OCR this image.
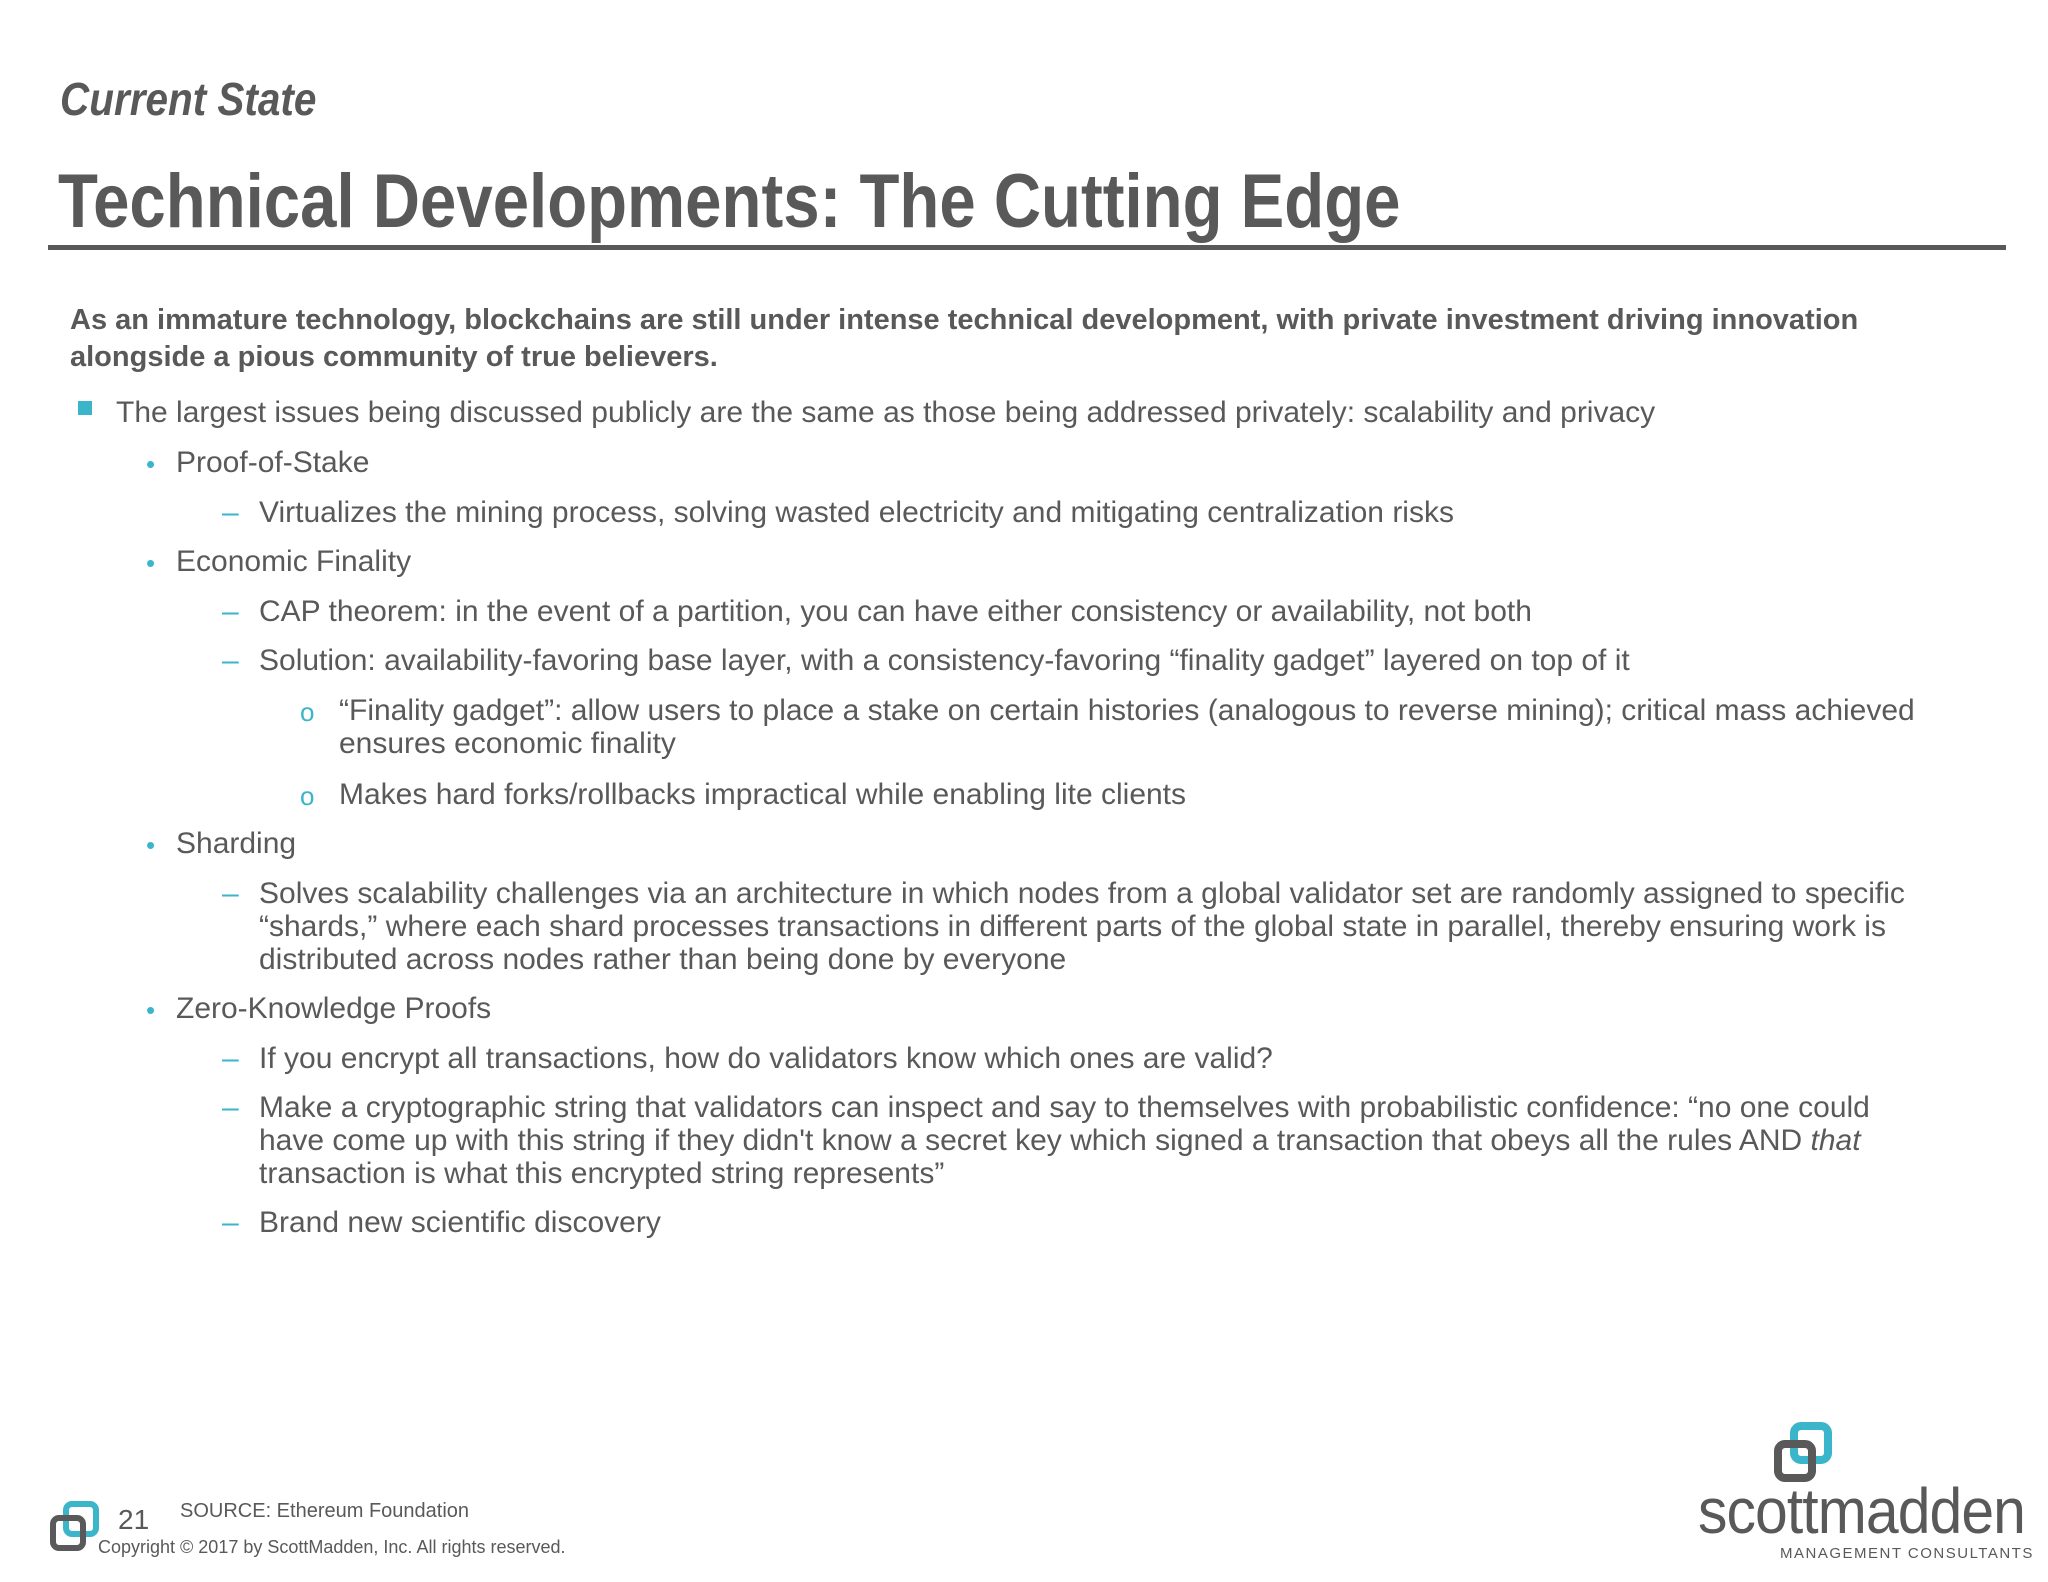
Current State
Technical Developments: The Cutting Edge
As an immature technology, blockchains are still under intense technical development, with private investment driving innovation alongside a pious community of true believers.
The largest issues being discussed publicly are the same as those being addressed privately: scalability and privacy
• Proof-of-Stake
– Virtualizes the mining process, solving wasted electricity and mitigating centralization risks
• Economic Finality
– CAP theorem: in the event of a partition, you can have either consistency or availability, not both
– Solution: availability-favoring base layer, with a consistency-favoring “finality gadget” layered on top of it
o “Finality gadget”: allow users to place a stake on certain histories (analogous to reverse mining); critical mass achieved
ensures economic finality
o Makes hard forks/rollbacks impractical while enabling lite clients
• Sharding
– Solves scalability challenges via an architecture in which nodes from a global validator set are randomly assigned to specific
“shards,” where each shard processes transactions in different parts of the global state in parallel, thereby ensuring work is
distributed across nodes rather than being done by everyone
• Zero-Knowledge Proofs
– If you encrypt all transactions, how do validators know which ones are valid?
– Make a cryptographic string that validators can inspect and say to themselves with probabilistic confidence: “no one could
have come up with this string if they didn't know a secret key which signed a transaction that obeys all the rules AND that
transaction is what this encrypted string represents”
– Brand new scientific discovery
21 SOURCE: Ethereum Foundation
Copyright © 2017 by ScottMadden, Inc. All rights reserved.	scottmadden
MANAGEMENT CONSULTANTS
